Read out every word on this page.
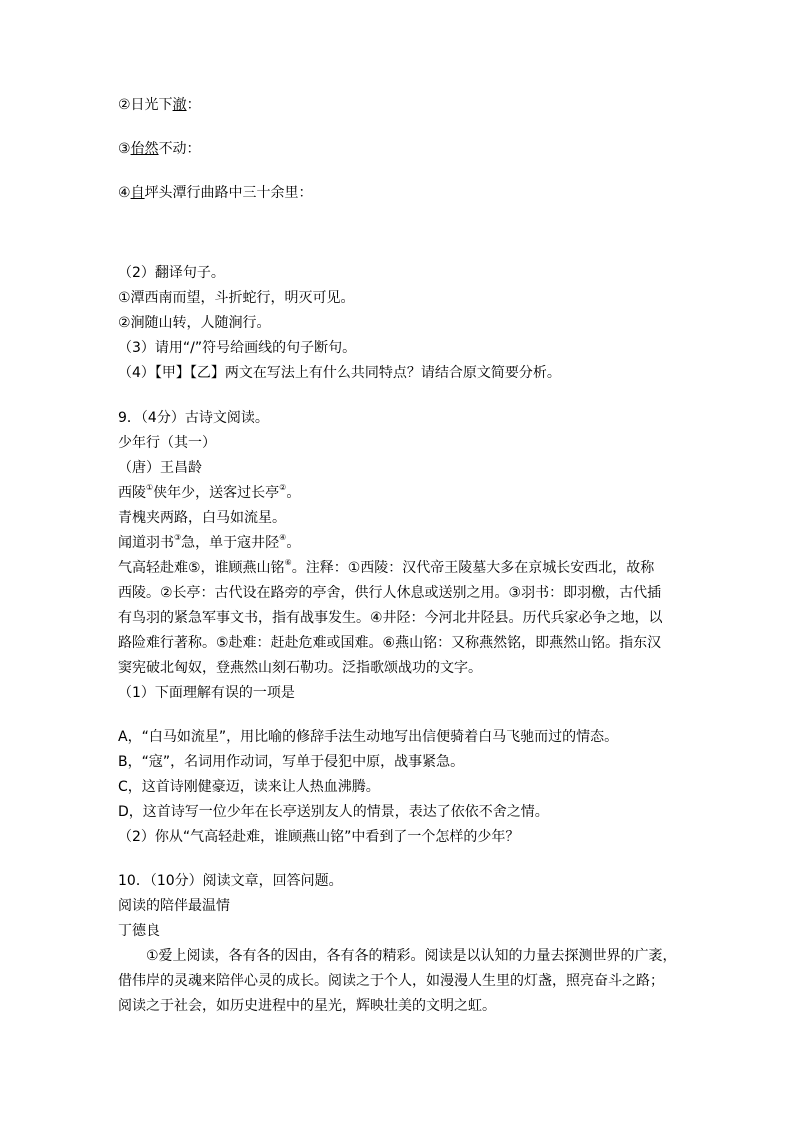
②日光下澈：
③佁然不动：
④自坪头潭行曲路中三十余里：
（2）翻译句子。
①潭西南而望，斗折蛇行，明灭可见。
②涧随山转，人随涧行。
（3）请用“/”符号给画线的句子断句。
（4）【甲】【乙】两文在写法上有什么共同特点？请结合原文简要分析。
9．（4分）古诗文阅读。
少年行（其一）
（唐）王昌龄
西陵①侠年少，送客过长亭②。
青槐夹两路，白马如流星。
闻道羽书③急，单于寇井陉④。
气高轻赴难⑤，谁顾燕山铭⑥。注释：①西陵：汉代帝王陵墓大多在京城长安西北，故称
西陵。②长亭：古代设在路旁的亭舍，供行人休息或送别之用。③羽书：即羽檄，古代插
有鸟羽的紧急军事文书，指有战事发生。④井陉：今河北井陉县。历代兵家必争之地，以
路险难行著称。⑤赴难：赶赴危难或国难。⑥燕山铭：又称燕然铭，即燕然山铭。指东汉
窦宪破北匈奴，登燕然山刻石勒功。泛指歌颂战功的文字。
（1）下面理解有误的一项是
A，“白马如流星”，用比喻的修辞手法生动地写出信便骑着白马飞驰而过的情态。
B，“寇”，名词用作动词，写单于侵犯中原，战事紧急。
C，这首诗刚健豪迈，读来让人热血沸腾。
D，这首诗写一位少年在长亭送别友人的情景，表达了依依不舍之情。
（2）你从“气高轻赴难，谁顾燕山铭”中看到了一个怎样的少年？
10．（10分）阅读文章，回答问题。
阅读的陪伴最温情
丁德良
　　①爱上阅读，各有各的因由，各有各的精彩。阅读是以认知的力量去探测世界的广袤，
借伟岸的灵魂来陪伴心灵的成长。阅读之于个人，如漫漫人生里的灯盏，照亮奋斗之路；
阅读之于社会，如历史进程中的星光，辉映壮美的文明之虹。
